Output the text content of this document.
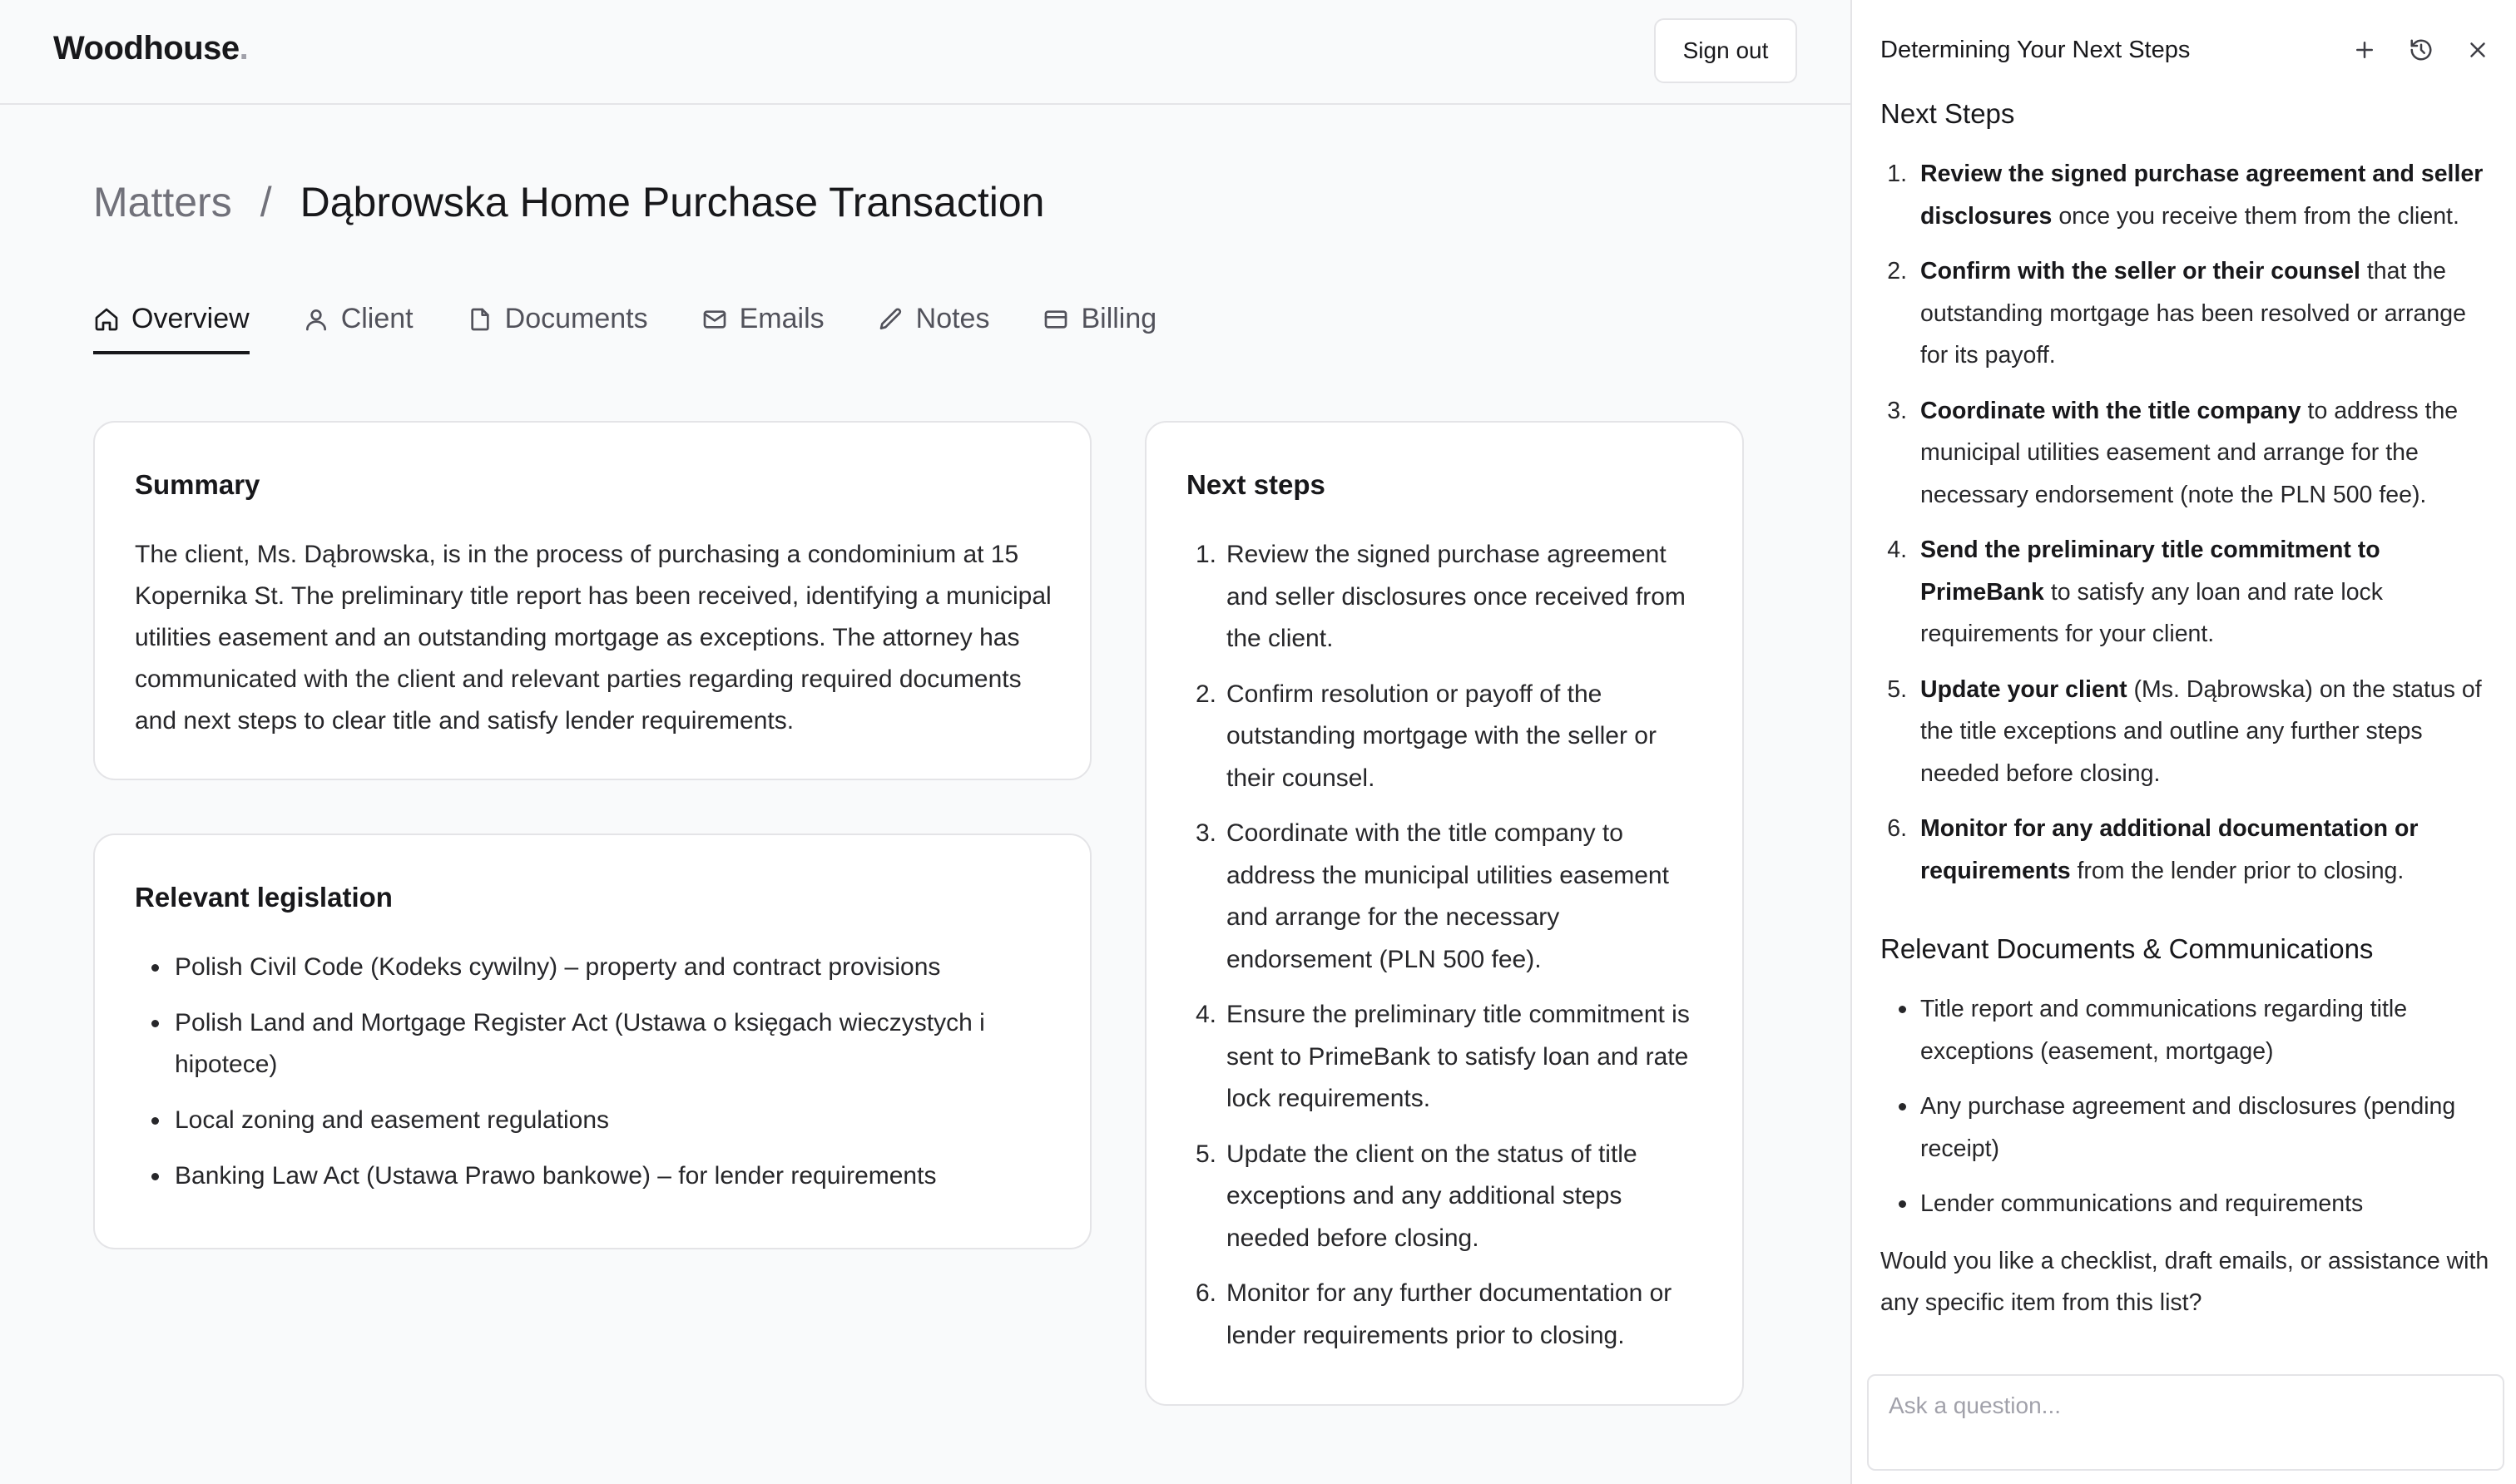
Woodhouse.	Sign out
Matters / Dąbrowska Home Purchase Transaction
Overview	Client	Documents	Emails	Notes	Billing
Summary
The client, Ms. Dąbrowska, is in the process of purchasing a condominium at 15 Kopernika St. The preliminary title report has been received, identifying a municipal utilities easement and an outstanding mortgage as exceptions. The attorney has communicated with the client and relevant parties regarding required documents and next steps to clear title and satisfy lender requirements.
Relevant legislation
Polish Civil Code (Kodeks cywilny) – property and contract provisions
Polish Land and Mortgage Register Act (Ustawa o księgach wieczystych i hipotece)
Local zoning and easement regulations
Banking Law Act (Ustawa Prawo bankowe) – for lender requirements
Next steps
1. Review the signed purchase agreement and seller disclosures once received from the client.
2. Confirm resolution or payoff of the outstanding mortgage with the seller or their counsel.
3. Coordinate with the title company to address the municipal utilities easement and arrange for the necessary endorsement (PLN 500 fee).
4. Ensure the preliminary title commitment is sent to PrimeBank to satisfy loan and rate lock requirements.
5. Update the client on the status of title exceptions and any additional steps needed before closing.
6. Monitor for any further documentation or lender requirements prior to closing.
Determining Your Next Steps
Next Steps
1. Review the signed purchase agreement and seller disclosures once you receive them from the client.
2. Confirm with the seller or their counsel that the outstanding mortgage has been resolved or arrange for its payoff.
3. Coordinate with the title company to address the municipal utilities easement and arrange for the necessary endorsement (note the PLN 500 fee).
4. Send the preliminary title commitment to PrimeBank to satisfy any loan and rate lock requirements for your client.
5. Update your client (Ms. Dąbrowska) on the status of the title exceptions and outline any further steps needed before closing.
6. Monitor for any additional documentation or requirements from the lender prior to closing.
Relevant Documents & Communications
Title report and communications regarding title exceptions (easement, mortgage)
Any purchase agreement and disclosures (pending receipt)
Lender communications and requirements
Would you like a checklist, draft emails, or assistance with any specific item from this list?
Ask a question...
